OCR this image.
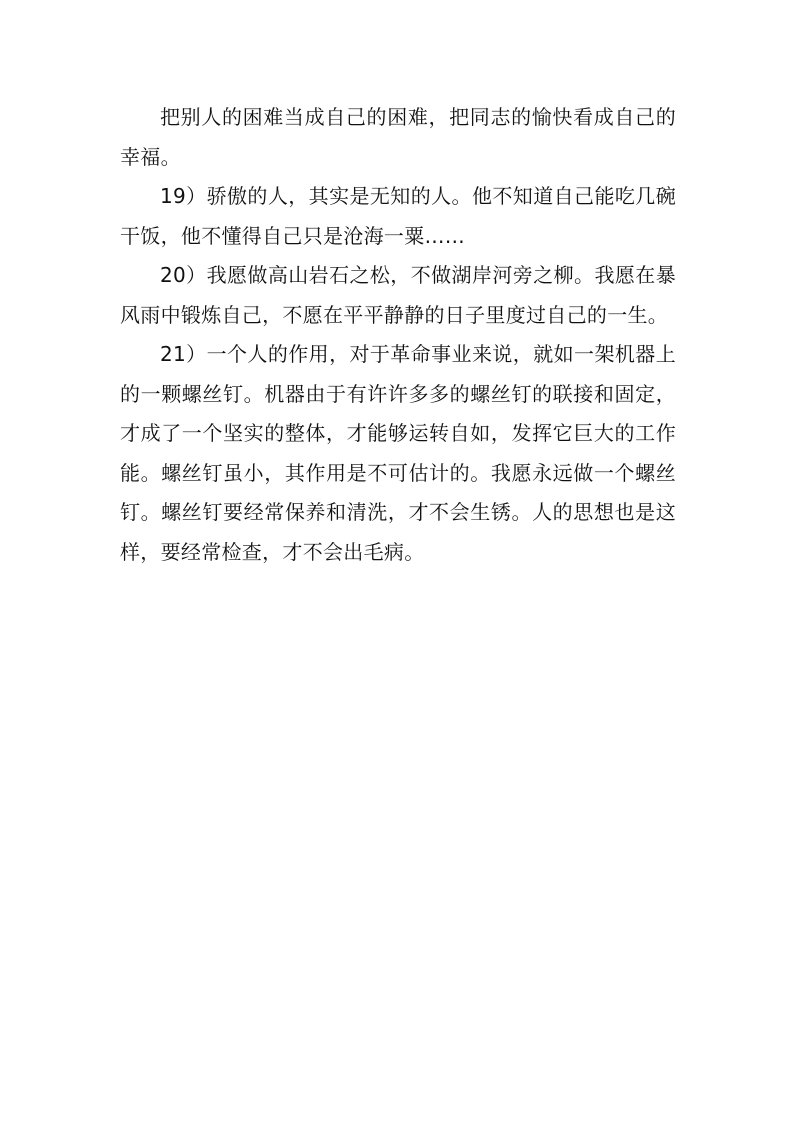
把别人的困难当成自己的困难，把同志的愉快看成自己的幸福。

19）骄傲的人，其实是无知的人。他不知道自己能吃几碗干饭，他不懂得自己只是沧海一粟……

20）我愿做高山岩石之松，不做湖岸河旁之柳。我愿在暴风雨中锻炼自己，不愿在平平静静的日子里度过自己的一生。

21）一个人的作用，对于革命事业来说，就如一架机器上的一颗螺丝钉。机器由于有许许多多的螺丝钉的联接和固定，才成了一个坚实的整体，才能够运转自如，发挥它巨大的工作能。螺丝钉虽小，其作用是不可估计的。我愿永远做一个螺丝钉。螺丝钉要经常保养和清洗，才不会生锈。人的思想也是这样，要经常检查，才不会出毛病。
